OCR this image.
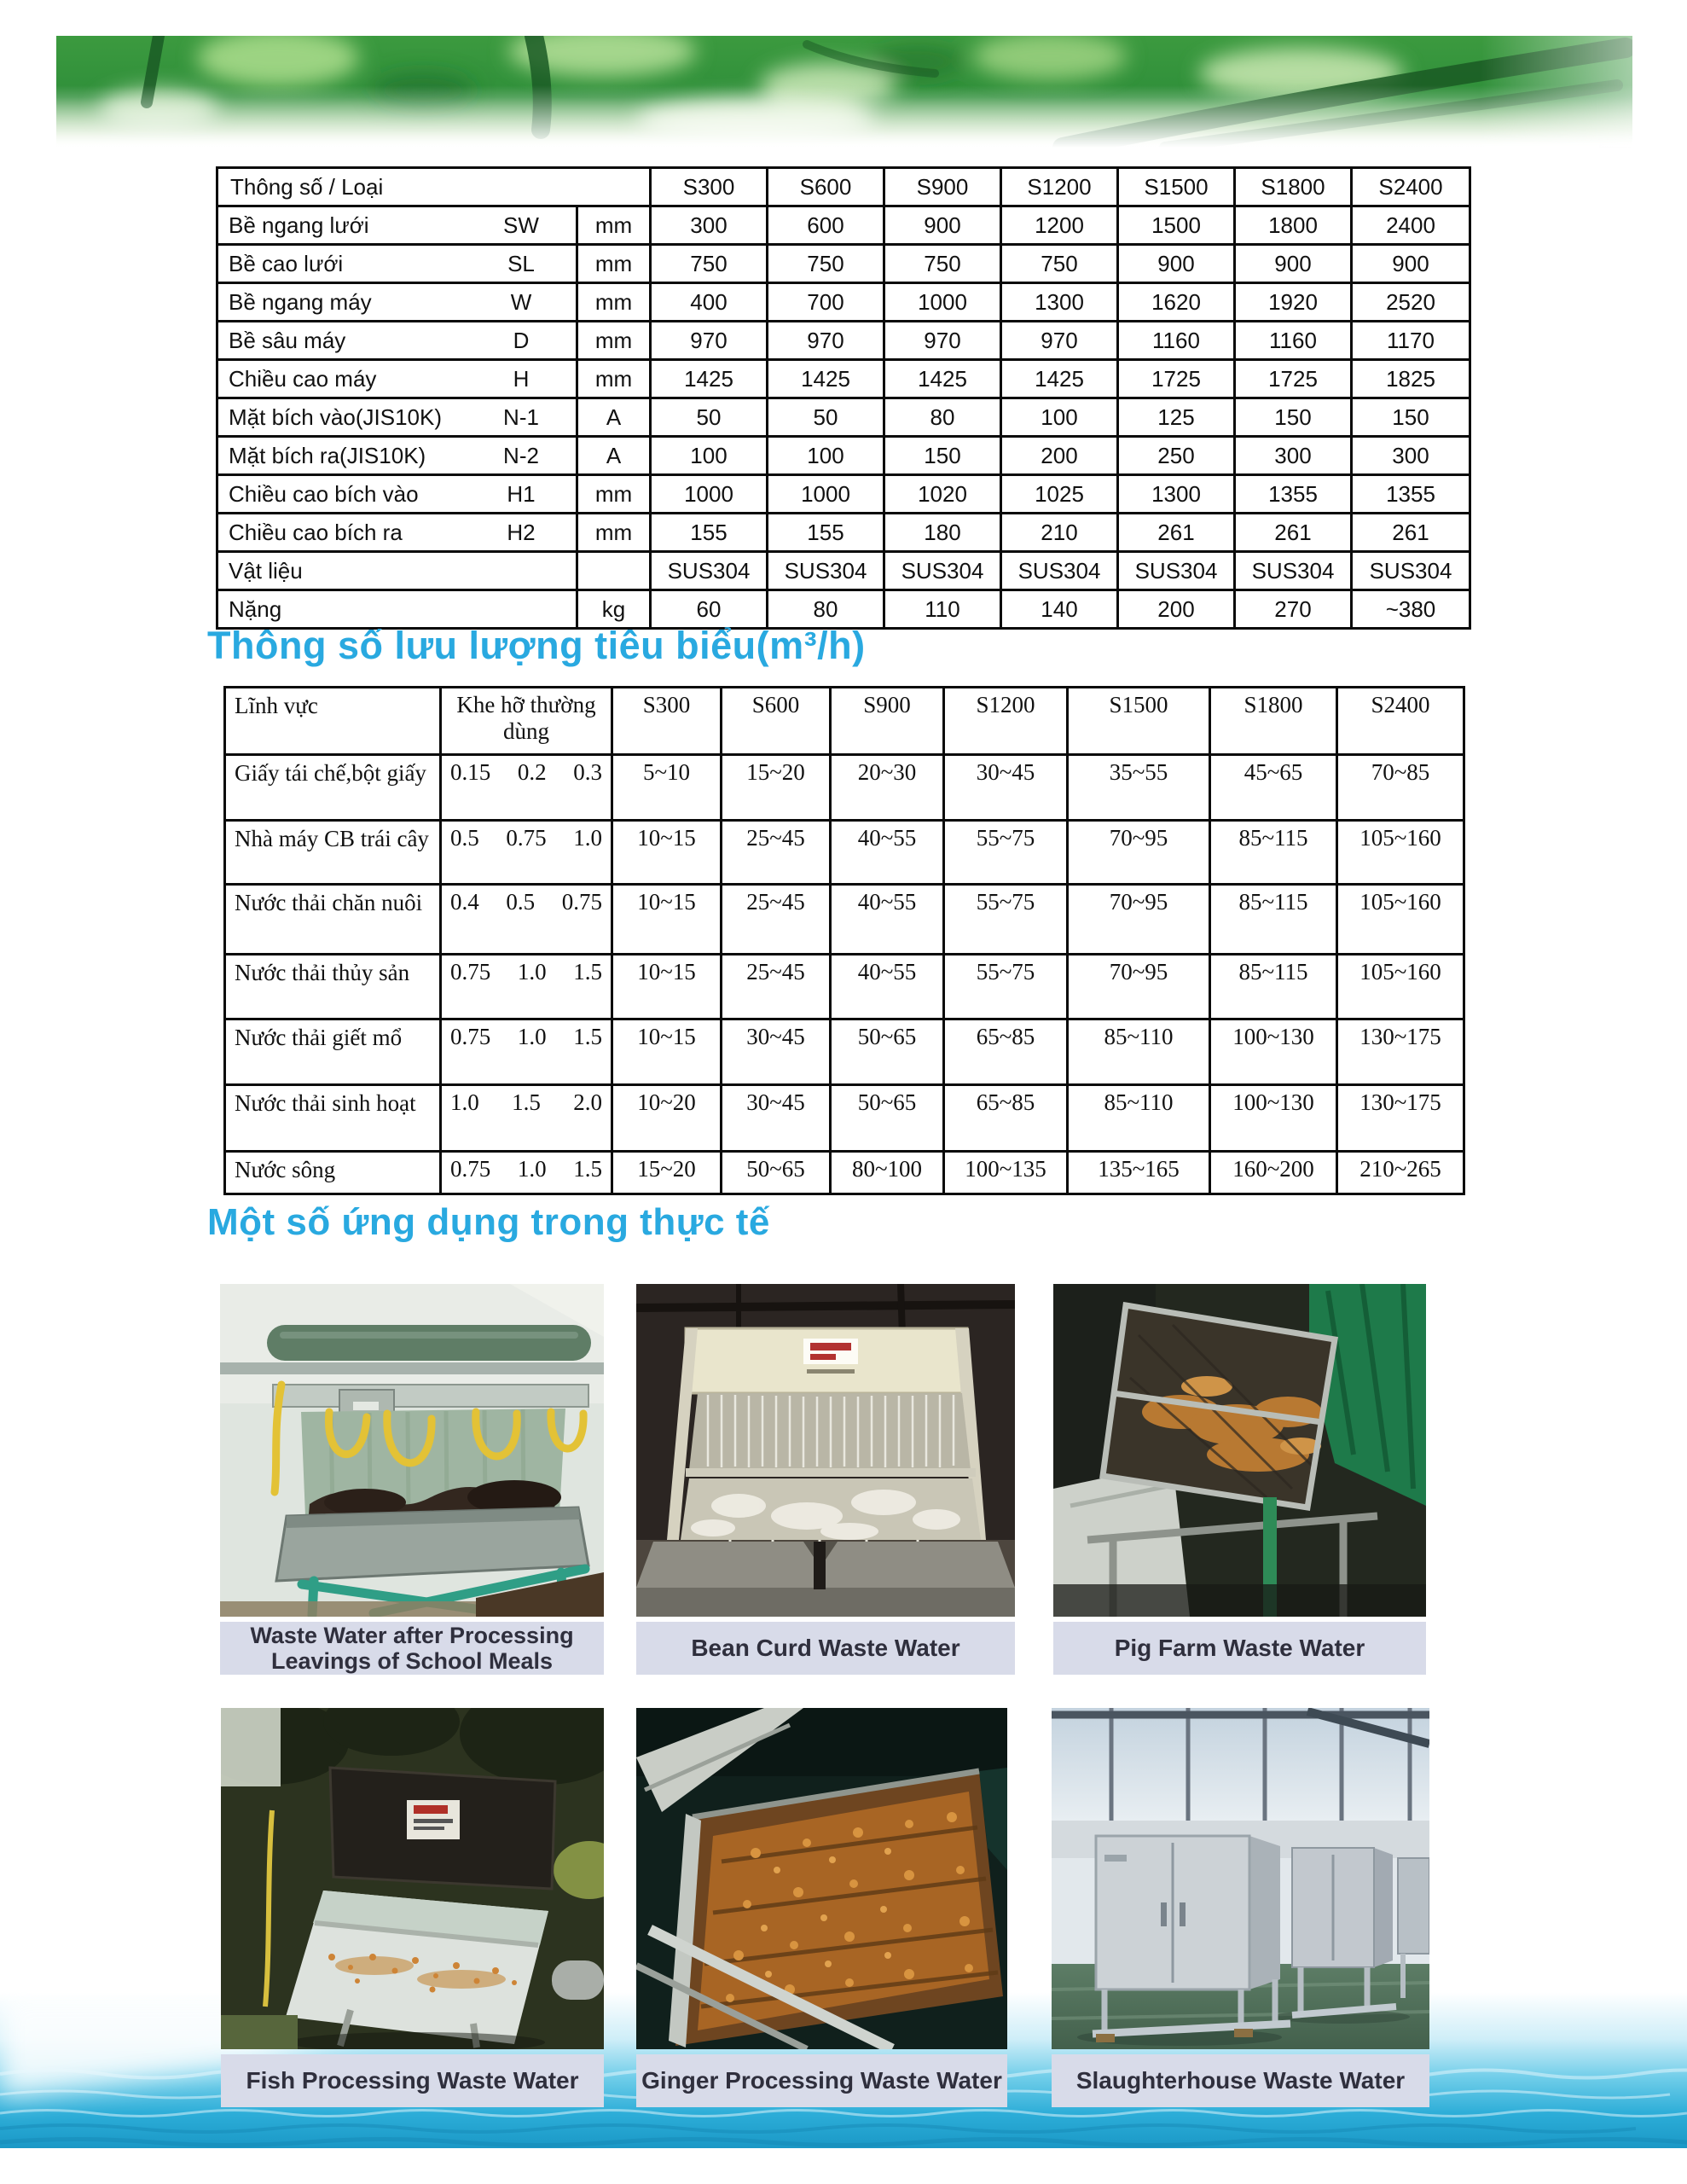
Thông số / Loại		S300	S600	S900	S1200	S1500	S1800	S2400

Bề ngang lưới SW	mm	300	600	900	1200	1500	1800	2400

Bề cao lưới SL	mm	750	750	750	750	900	900	900

Bề ngang máy W	mm	400	700	1000	1300	1620	1920	2520

Bề sâu máy D	mm	970	970	970	970	1160	1160	1170

Chiều cao máy H	mm	1425	1425	1425	1425	1725	1725	1825

Mặt bích vào(JIS10K) N-1	A	50	50	80	100	125	150	150

Mặt bích ra(JIS10K) N-2	A	100	100	150	200	250	300	300

Chiều cao bích vào H1	mm	1000	1000	1020	1025	1300	1355	1355

Chiều cao bích ra H2	mm	155	155	180	210	261	261	261

Vật liệu		SUS304	SUS304	SUS304	SUS304	SUS304	SUS304	SUS304

Nặng	kg	60	80	110	140	200	270	~380
Thông số lưu lượng tiêu biểu(m³/h)
Lĩnh vực	Khe hỡ thường dùng	S300	S600	S900	S1200	S1500	S1800	S2400
Giấy tái chế,bột giấy	0.15 0.2 0.3	5~10	15~20	20~30	30~45	35~55	45~65	70~85
Nhà máy CB trái cây	0.5 0.75 1.0	10~15	25~45	40~55	55~75	70~95	85~115	105~160
Nước thải chăn nuôi	0.4 0.5 0.75	10~15	25~45	40~55	55~75	70~95	85~115	105~160
Nước thải thủy sản	0.75 1.0 1.5	10~15	25~45	40~55	55~75	70~95	85~115	105~160
Nước thải giết mổ	0.75 1.0 1.5	10~15	30~45	50~65	65~85	85~110	100~130	130~175
Nước thải sinh hoạt	1.0 1.5 2.0	10~20	30~45	50~65	65~85	85~110	100~130	130~175
Nước sông	0.75 1.0 1.5	15~20	50~65	80~100	100~135	135~165	160~200	210~265
Một số ứng dụng trong thực tế
Waste Water after Processing Leavings of School Meals	Bean Curd Waste Water	Pig Farm Waste Water
Fish Processing Waste Water	Ginger Processing Waste Water	Slaughterhouse Waste Water
